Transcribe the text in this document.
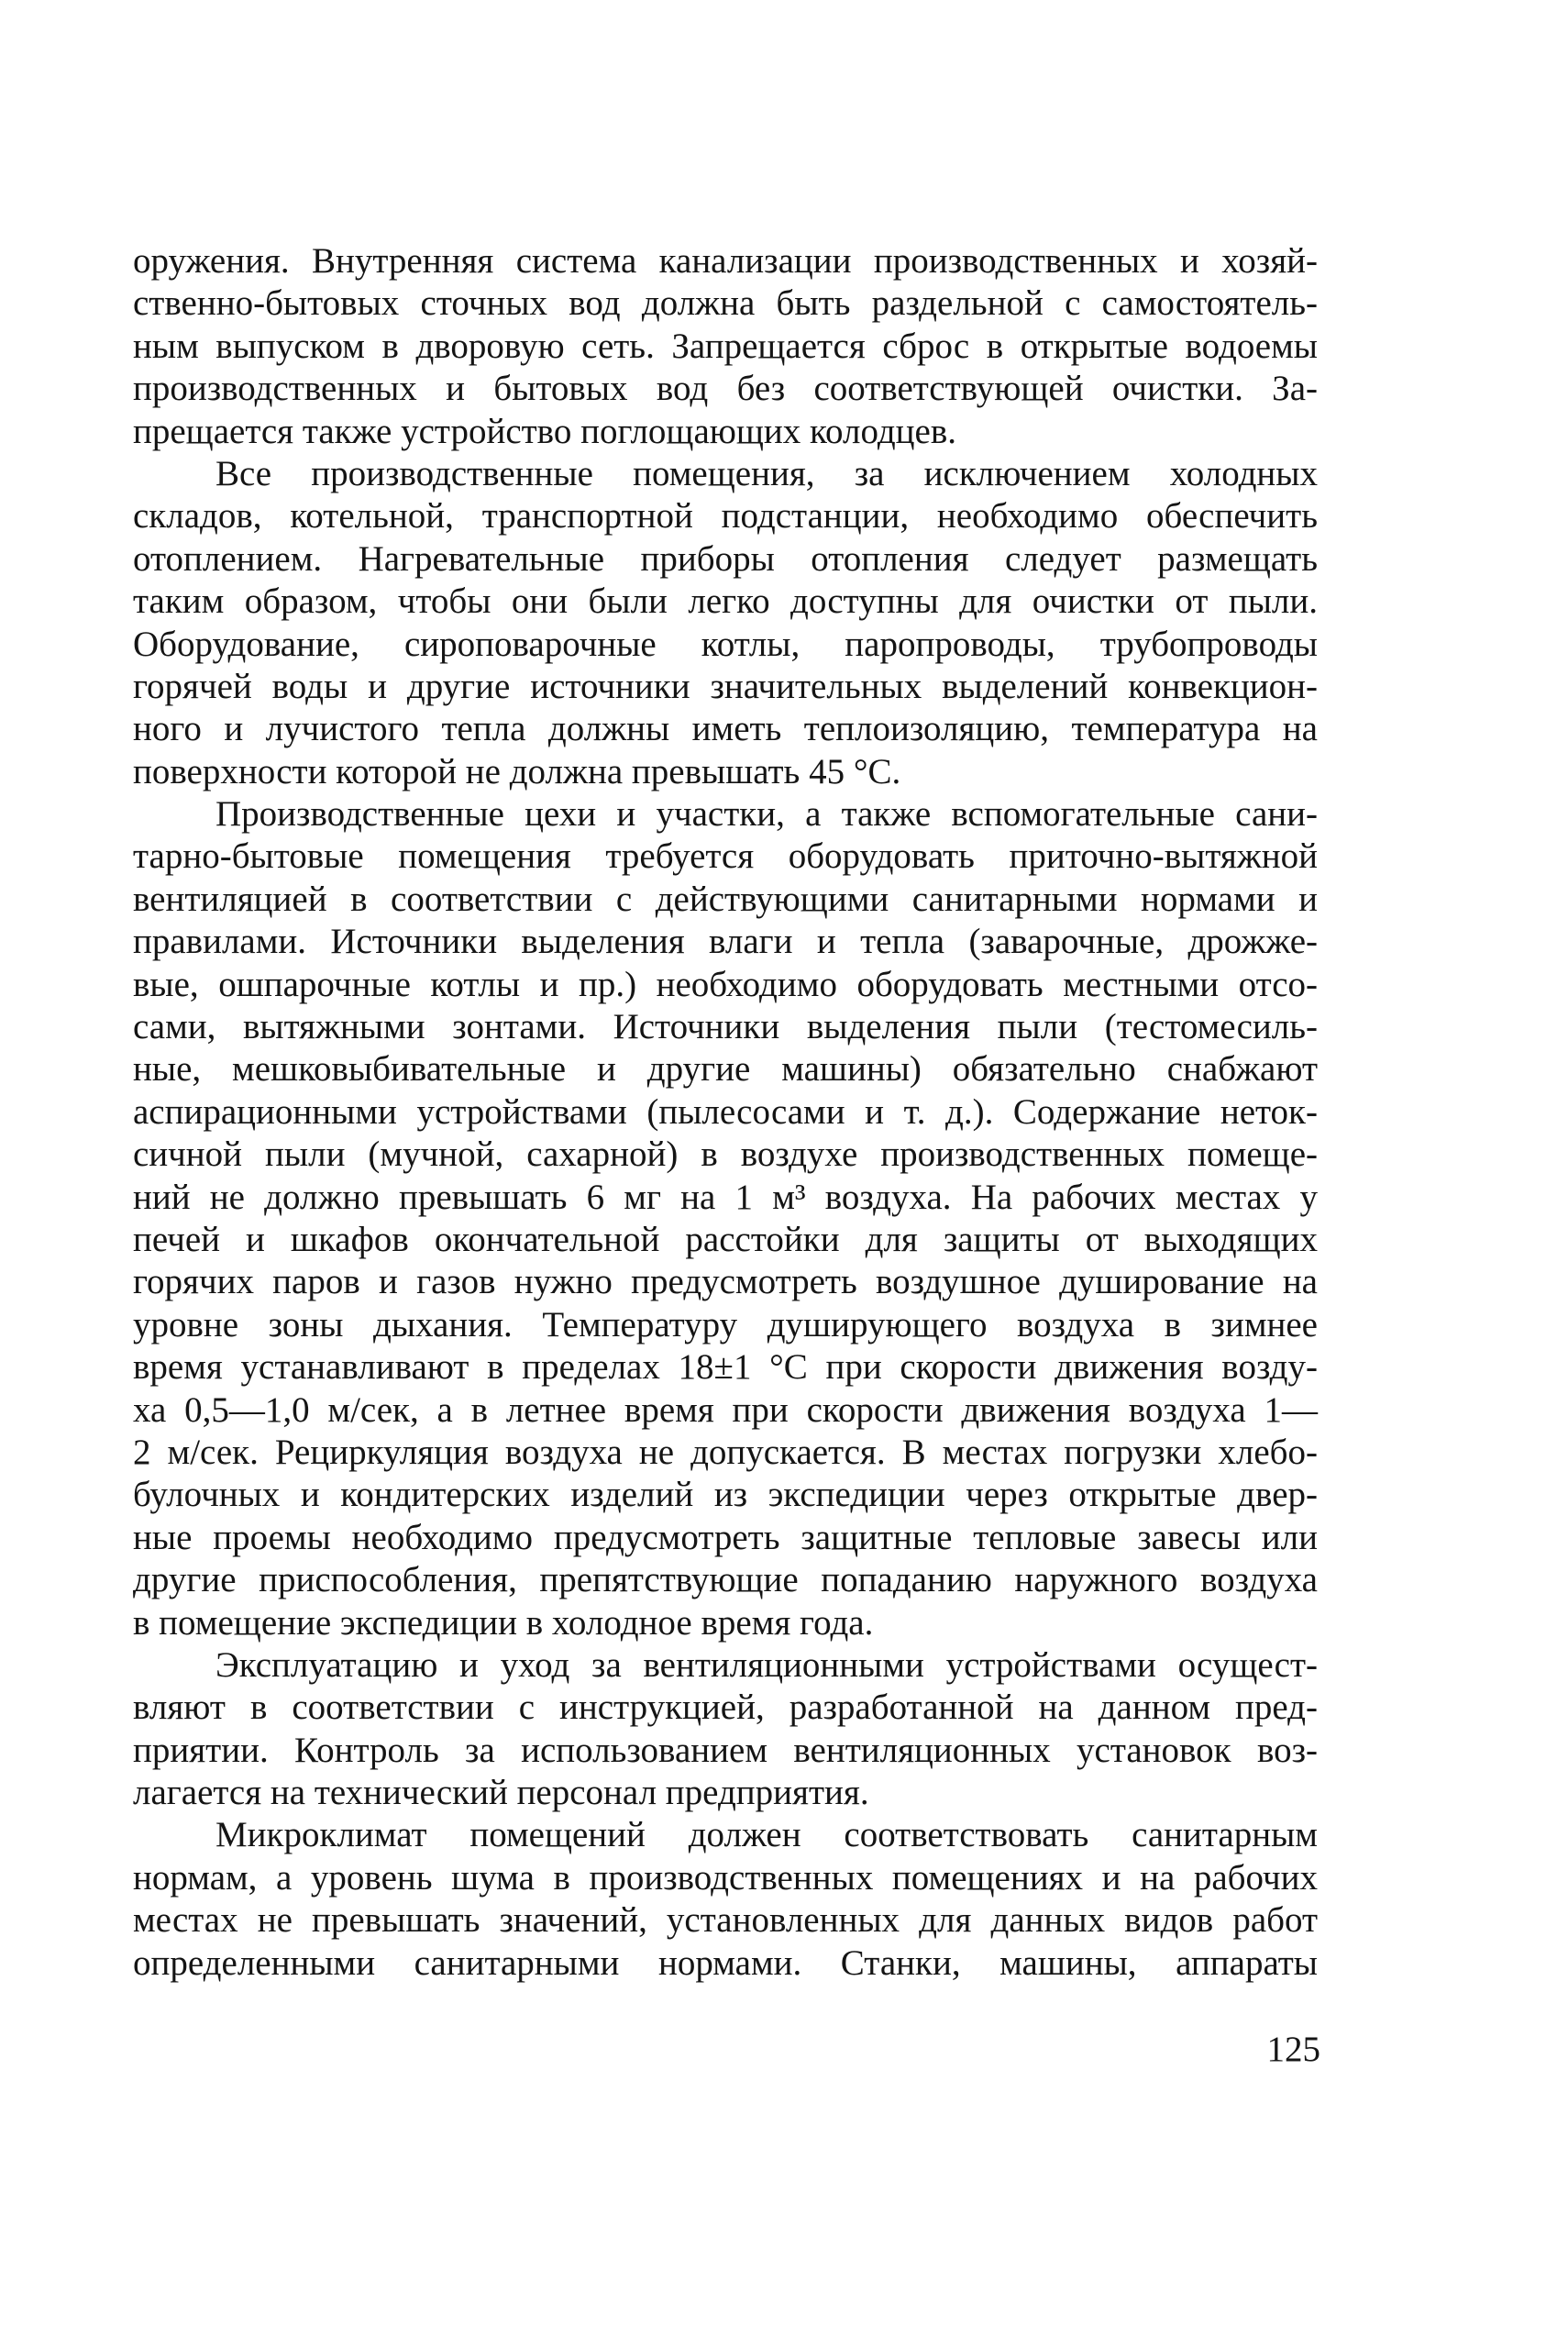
оружения. Внутренняя система канализации производственных и хозяй-
ственно-бытовых сточных вод должна быть раздельной с самостоятель-
ным выпуском в дворовую сеть. Запрещается сброс в открытые водоемы
производственных и бытовых вод без соответствующей очистки. За-
прещается также устройство поглощающих колодцев.
Все производственные помещения, за исключением холодных
складов, котельной, транспортной подстанции, необходимо обеспечить
отоплением. Нагревательные приборы отопления следует размещать
таким образом, чтобы они были легко доступны для очистки от пыли.
Оборудование, сироповарочные котлы, паропроводы, трубопроводы
горячей воды и другие источники значительных выделений конвекцион-
ного и лучистого тепла должны иметь теплоизоляцию, температура на
поверхности которой не должна превышать 45 °С.
Производственные цехи и участки, а также вспомогательные сани-
тарно-бытовые помещения требуется оборудовать приточно-вытяжной
вентиляцией в соответствии с действующими санитарными нормами и
правилами. Источники выделения влаги и тепла (заварочные, дрожже-
вые, ошпарочные котлы и пр.) необходимо оборудовать местными отсо-
сами, вытяжными зонтами. Источники выделения пыли (тестомесиль-
ные, мешковыбивательные и другие машины) обязательно снабжают
аспирационными устройствами (пылесосами и т. д.). Содержание неток-
сичной пыли (мучной, сахарной) в воздухе производственных помеще-
ний не должно превышать 6 мг на 1 м³ воздуха. На рабочих местах у
печей и шкафов окончательной расстойки для защиты от выходящих
горячих паров и газов нужно предусмотреть воздушное душирование на
уровне зоны дыхания. Температуру душирующего воздуха в зимнее
время устанавливают в пределах 18±1 °С при скорости движения возду-
ха 0,5—1,0 м/сек, а в летнее время при скорости движения воздуха 1—
2 м/сек. Рециркуляция воздуха не допускается. В местах погрузки хлебо-
булочных и кондитерских изделий из экспедиции через открытые двер-
ные проемы необходимо предусмотреть защитные тепловые завесы или
другие приспособления, препятствующие попаданию наружного воздуха
в помещение экспедиции в холодное время года.
Эксплуатацию и уход за вентиляционными устройствами осущест-
вляют в соответствии с инструкцией, разработанной на данном пред-
приятии. Контроль за использованием вентиляционных установок воз-
лагается на технический персонал предприятия.
Микроклимат помещений должен соответствовать санитарным
нормам, а уровень шума в производственных помещениях и на рабочих
местах не превышать значений, установленных для данных видов работ
определенными санитарными нормами. Станки, машины, аппараты
125
